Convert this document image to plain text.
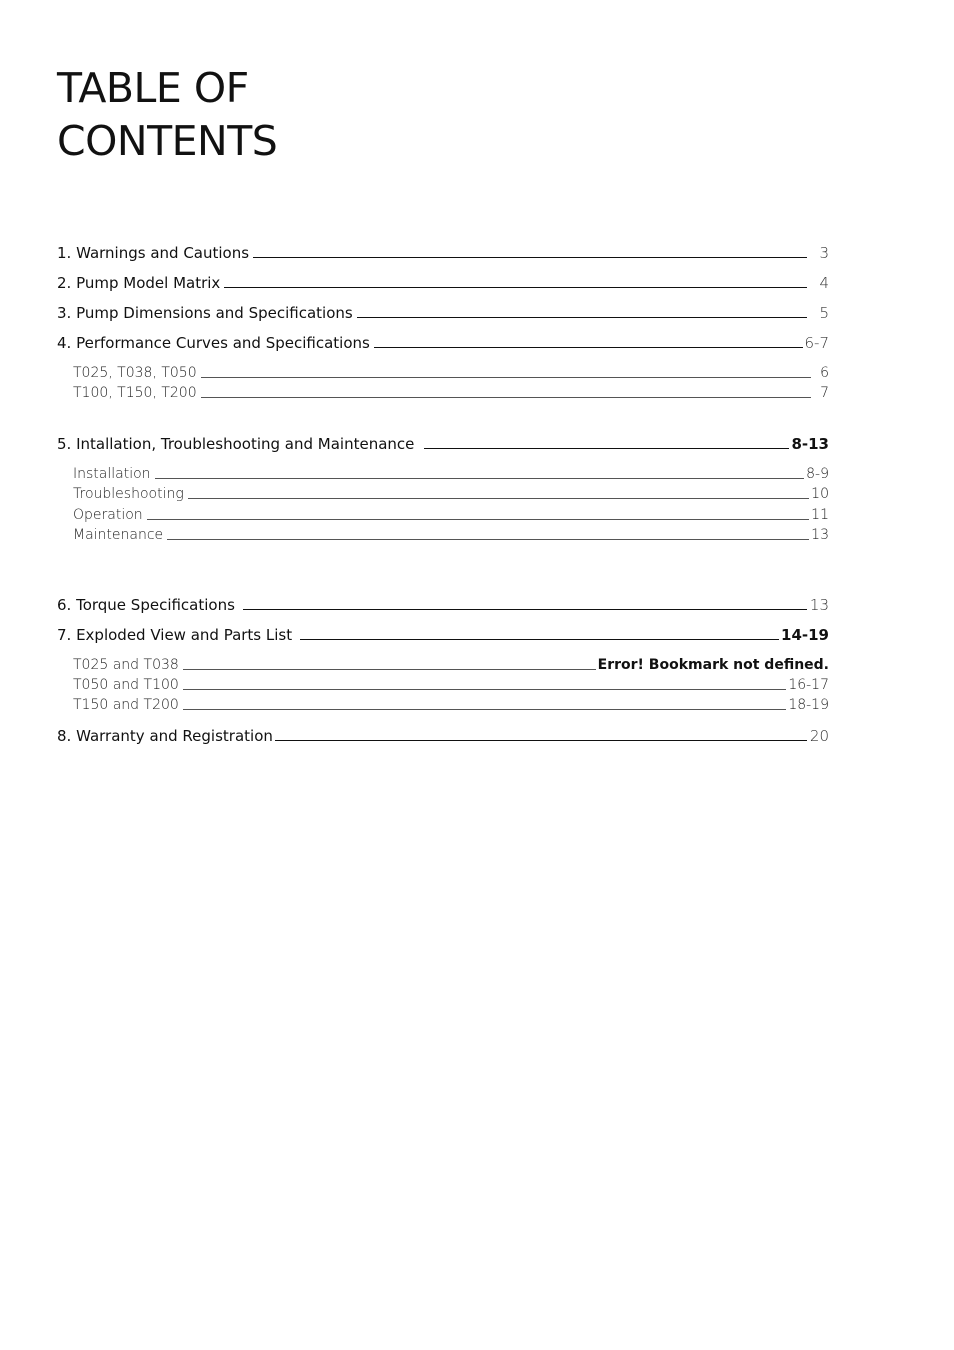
TABLE OF
CONTENTS
1. Warnings and Cautions	3
2. Pump Model Matrix	4
3. Pump Dimensions and Specifications	5
4. Performance Curves and Specifications	6-7
T025, T038, T050	6
T100, T150, T200	7
5. Intallation, Troubleshooting and Maintenance	8-13
Installation	8-9
Troubleshooting	10
Operation	11
Maintenance	13
6. Torque Specifications	13
7. Exploded View and Parts List	14-19
T025 and T038	Error! Bookmark not defined.
T050 and T100	16-17
T150 and T200	18-19
8. Warranty and Registration	20
